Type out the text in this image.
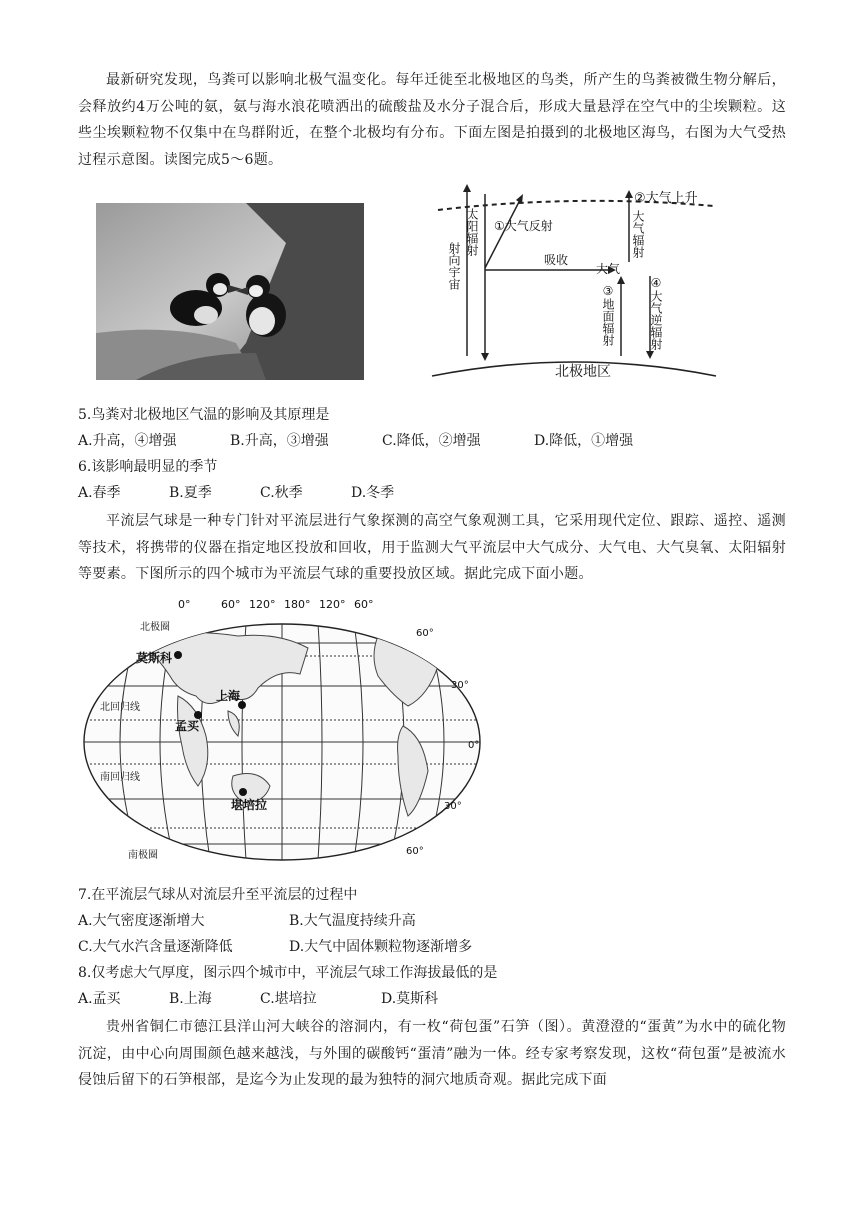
最新研究发现，鸟粪可以影响北极气温变化。每年迁徙至北极地区的鸟类，所产生的鸟粪被微生物分解后，会释放约4万公吨的氨，氨与海水浪花喷洒出的硫酸盐及水分子混合后，形成大量悬浮在空气中的尘埃颗粒。这些尘埃颗粒物不仅集中在鸟群附近，在整个北极均有分布。下面左图是拍摄到的北极地区海鸟，右图为大气受热过程示意图。读图完成5～6题。
②大气上升
①大气反射
吸收
北极地区
大气
太阳辐射
射向宇宙
大气辐射
③地面辐射	④大气逆辐射
5.鸟粪对北极地区气温的影响及其原理是
A.升高，④增强	B.升高，③增强	C.降低，②增强	D.降低，①增强
6.该影响最明显的季节
A.春季	B.夏季	C.秋季	D.冬季
平流层气球是一种专门针对平流层进行气象探测的高空气象观测工具，它采用现代定位、跟踪、遥控、遥测等技术，将携带的仪器在指定地区投放和回收，用于监测大气平流层中大气成分、大气电、大气臭氧、太阳辐射等要素。下图所示的四个城市为平流层气球的重要投放区域。据此完成下面小题。
0°	60° 120° 180° 120° 60°
60°
30°
0°
30°
60°
北极圈
北回归线
南回归线
南极圈
莫斯科
上海
孟买
堪培拉
7.在平流层气球从对流层升至平流层的过程中
A.大气密度逐渐增大	B.大气温度持续升高
C.大气水汽含量逐渐降低	D.大气中固体颗粒物逐渐增多
8.仅考虑大气厚度，图示四个城市中，平流层气球工作海拔最低的是
A.孟买	B.上海	C.堪培拉	D.莫斯科
贵州省铜仁市德江县洋山河大峡谷的溶洞内，有一枚“荷包蛋”石笋（图）。黄澄澄的“蛋黄”为水中的硫化物沉淀，由中心向周围颜色越来越浅，与外围的碳酸钙“蛋清”融为一体。经专家考察发现，这枚“荷包蛋”是被流水侵蚀后留下的石笋根部，是迄今为止发现的最为独特的洞穴地质奇观。据此完成下面
